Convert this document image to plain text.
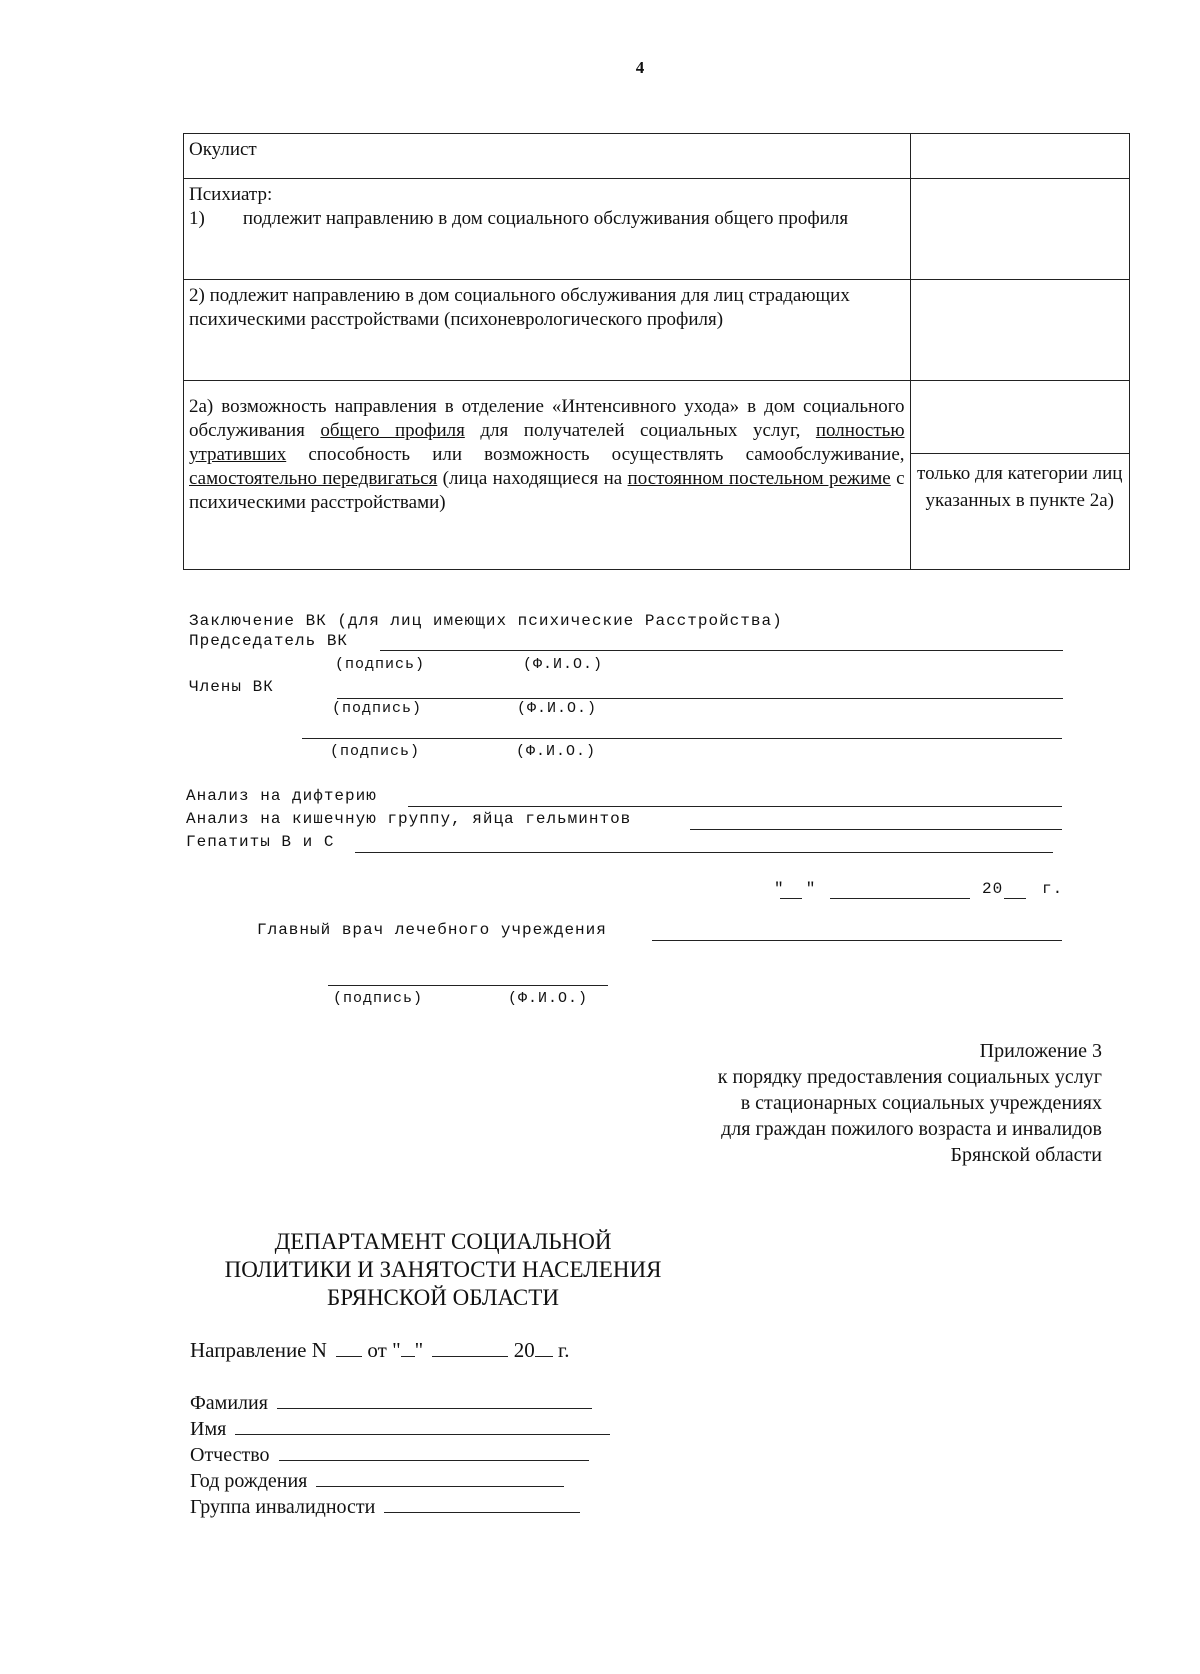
4
Окулист	

Психиатр:
1)        подлежит направлению в дом социального обслуживания общего профиля	

2) подлежит направлению в дом социального обслуживания для лиц страдающих психическими расстройствами (психоневрологического профиля)	
2а) возможность направления в отделение «Интенсивного ухода» в дом социального обслуживания общего профиля для получателей социальных услуг, полностью утративших способность или возможность осуществлять самообслуживание, самостоятельно передвигаться (лица находящиеся на постоянном постельном режиме с психическими расстройствами)	только для категории лиц указанных в пункте 2а)
Заключение ВК (для лиц имеющих психические Расстройства)
Председатель ВК
(подпись)	(Ф.И.О.)
Члены ВК
(подпись)	(Ф.И.О.)
(подпись)	(Ф.И.О.)
Анализ на дифтерию
Анализ на кишечную группу, яйца гельминтов
Гепатиты В и С
"  "	20 г.
Главный врач лечебного учреждения
(подпись)	(Ф.И.О.)
Приложение 3
к порядку предоставления социальных услуг
в стационарных социальных учреждениях
для граждан пожилого возраста и инвалидов
Брянской области
ДЕПАРТАМЕНТ СОЦИАЛЬНОЙ
ПОЛИТИКИ И ЗАНЯТОСТИ НАСЕЛЕНИЯ
БРЯНСКОЙ ОБЛАСТИ
Направление N от " "	20 г.
Фамилия
Имя
Отчество
Год рождения
Группа инвалидности
